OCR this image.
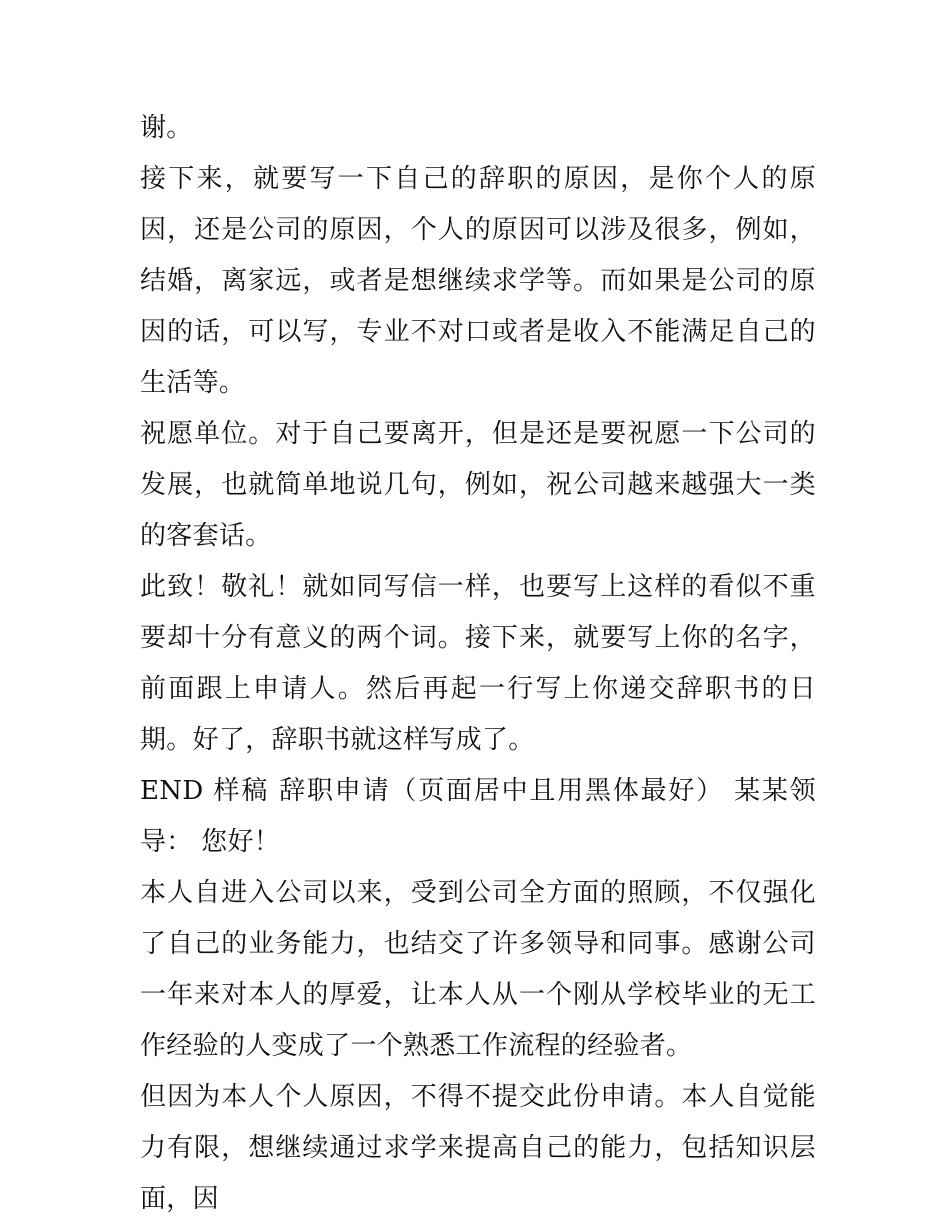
谢。

接下来，就要写一下自己的辞职的原因，是你个人的原因，还是公司的原因，个人的原因可以涉及很多，例如，结婚，离家远，或者是想继续求学等。而如果是公司的原因的话，可以写，专业不对口或者是收入不能满足自己的生活等。

祝愿单位。对于自己要离开，但是还是要祝愿一下公司的发展，也就简单地说几句，例如，祝公司越来越强大一类的客套话。

此致！敬礼！就如同写信一样，也要写上这样的看似不重要却十分有意义的两个词。接下来，就要写上你的名字，前面跟上申请人。然后再起一行写上你递交辞职书的日期。好了，辞职书就这样写成了。

END 样稿 辞职申请（页面居中且用黑体最好） 某某领导： 您好！

本人自进入公司以来，受到公司全方面的照顾，不仅强化了自己的业务能力，也结交了许多领导和同事。感谢公司一年来对本人的厚爱，让本人从一个刚从学校毕业的无工作经验的人变成了一个熟悉工作流程的经验者。

但因为本人个人原因，不得不提交此份申请。本人自觉能力有限，想继续通过求学来提高自己的能力，包括知识层面，因
